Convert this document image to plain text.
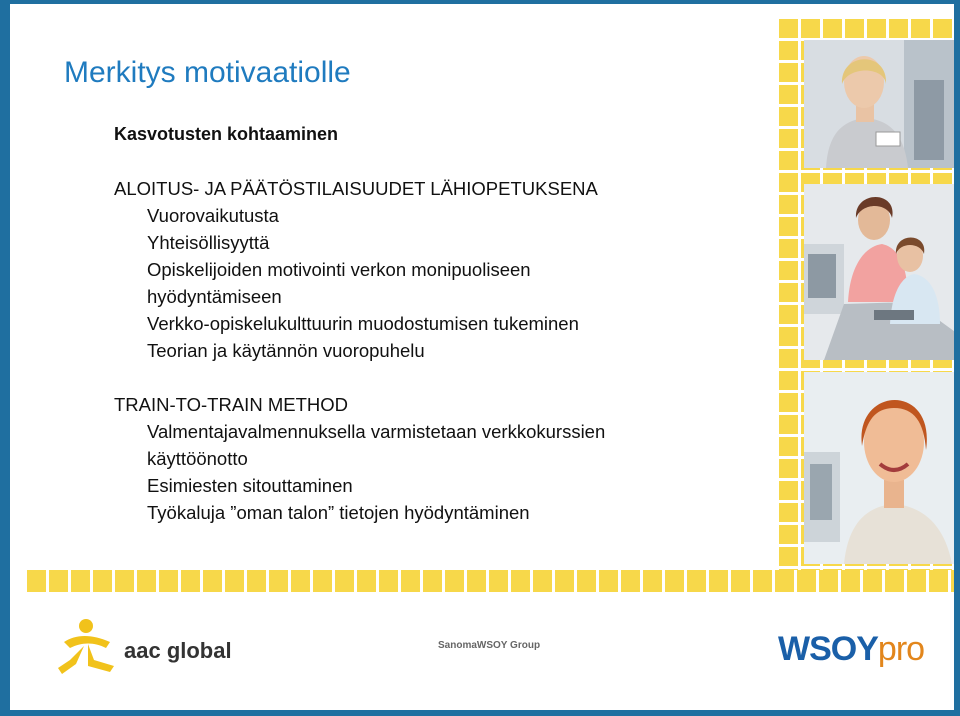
Merkitys motivaatiolle
Kasvotusten kohtaaminen
ALOITUS- JA PÄÄTÖSTILAISUUDET LÄHIOPETUKSENA
Vuorovaikutusta
Yhteisöllisyyttä
Opiskelijoiden motivointi verkon monipuoliseen
hyödyntämiseen
Verkko-opiskelukulttuurin muodostumisen tukeminen
Teorian ja käytännön vuoropuhelu
TRAIN-TO-TRAIN METHOD
Valmentajavalmennuksella varmistetaan verkkokurssien
käyttöönotto
Esimiesten sitouttaminen
Työkaluja ”oman talon” tietojen hyödyntäminen
aac global	SanomaWSOY Group	WSOYpro
